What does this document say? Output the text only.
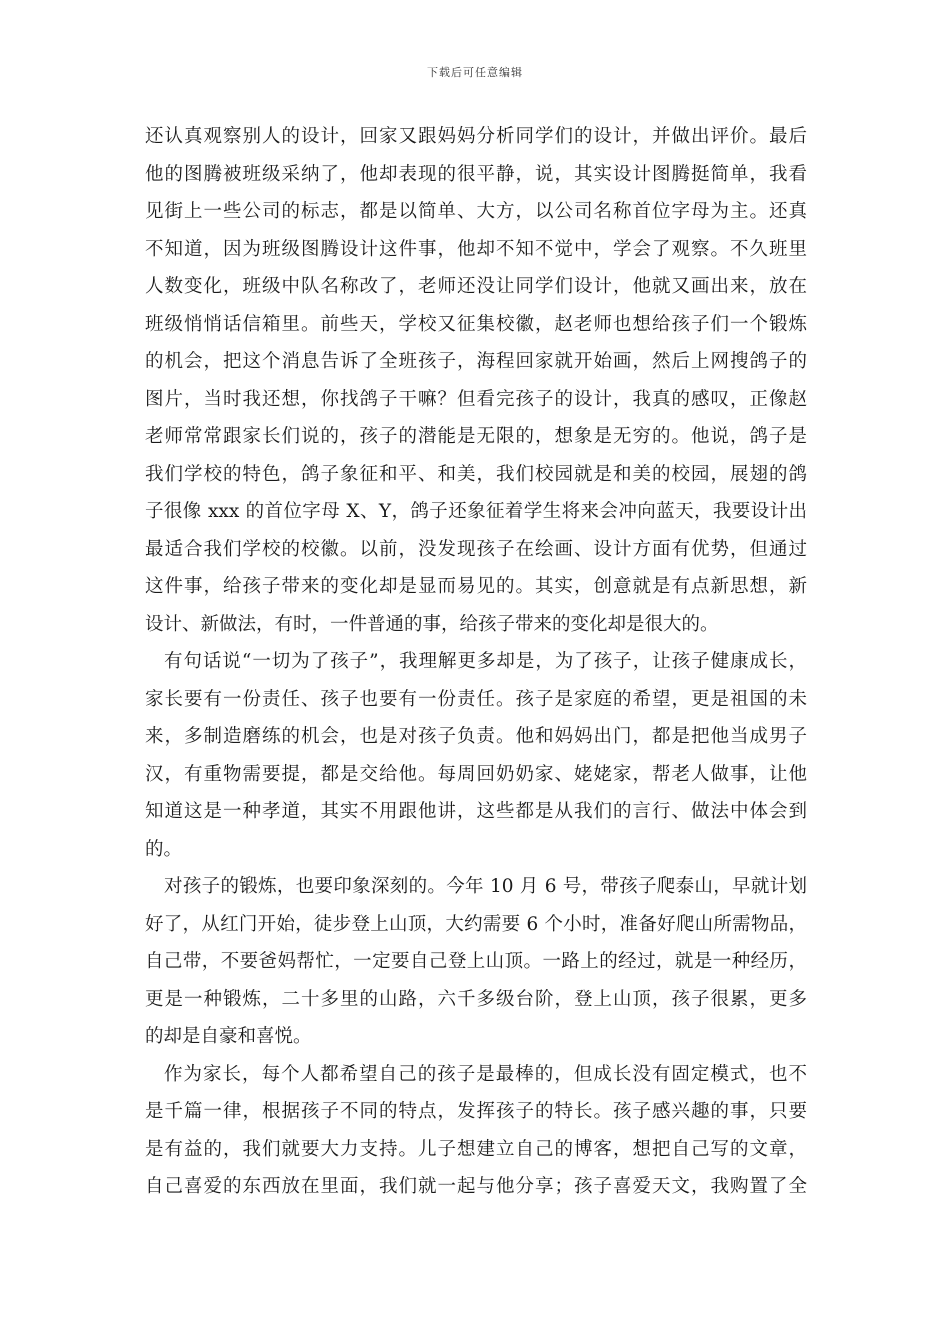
下载后可任意编辑
还认真观察别人的设计，回家又跟妈妈分析同学们的设计，并做出评价。最后
他的图腾被班级采纳了，他却表现的很平静，说，其实设计图腾挺简单，我看
见街上一些公司的标志，都是以简单、大方，以公司名称首位字母为主。还真
不知道，因为班级图腾设计这件事，他却不知不觉中，学会了观察。不久班里
人数变化，班级中队名称改了，老师还没让同学们设计，他就又画出来，放在
班级悄悄话信箱里。前些天，学校又征集校徽，赵老师也想给孩子们一个锻炼
的机会，把这个消息告诉了全班孩子，海程回家就开始画，然后上网搜鸽子的
图片，当时我还想，你找鸽子干嘛？但看完孩子的设计，我真的感叹，正像赵
老师常常跟家长们说的，孩子的潜能是无限的，想象是无穷的。他说，鸽子是
我们学校的特色，鸽子象征和平、和美，我们校园就是和美的校园，展翅的鸽
子很像 xxx 的首位字母 X、Y，鸽子还象征着学生将来会冲向蓝天，我要设计出
最适合我们学校的校徽。以前，没发现孩子在绘画、设计方面有优势，但通过
这件事，给孩子带来的变化却是显而易见的。其实，创意就是有点新思想，新
设计、新做法，有时，一件普通的事，给孩子带来的变化却是很大的。
有句话说“一切为了孩子”，我理解更多却是，为了孩子，让孩子健康成长，
家长要有一份责任、孩子也要有一份责任。孩子是家庭的希望，更是祖国的未
来，多制造磨练的机会，也是对孩子负责。他和妈妈出门，都是把他当成男子
汉，有重物需要提，都是交给他。每周回奶奶家、姥姥家，帮老人做事，让他
知道这是一种孝道，其实不用跟他讲，这些都是从我们的言行、做法中体会到
的。
对孩子的锻炼，也要印象深刻的。今年 10 月 6 号，带孩子爬泰山，早就计划
好了，从红门开始，徒步登上山顶，大约需要 6 个小时，准备好爬山所需物品，
自己带，不要爸妈帮忙，一定要自己登上山顶。一路上的经过，就是一种经历，
更是一种锻炼，二十多里的山路，六千多级台阶，登上山顶，孩子很累，更多
的却是自豪和喜悦。
作为家长，每个人都希望自己的孩子是最棒的，但成长没有固定模式，也不
是千篇一律，根据孩子不同的特点，发挥孩子的特长。孩子感兴趣的事，只要
是有益的，我们就要大力支持。儿子想建立自己的博客，想把自己写的文章，
自己喜爱的东西放在里面，我们就一起与他分享；孩子喜爱天文，我购置了全
